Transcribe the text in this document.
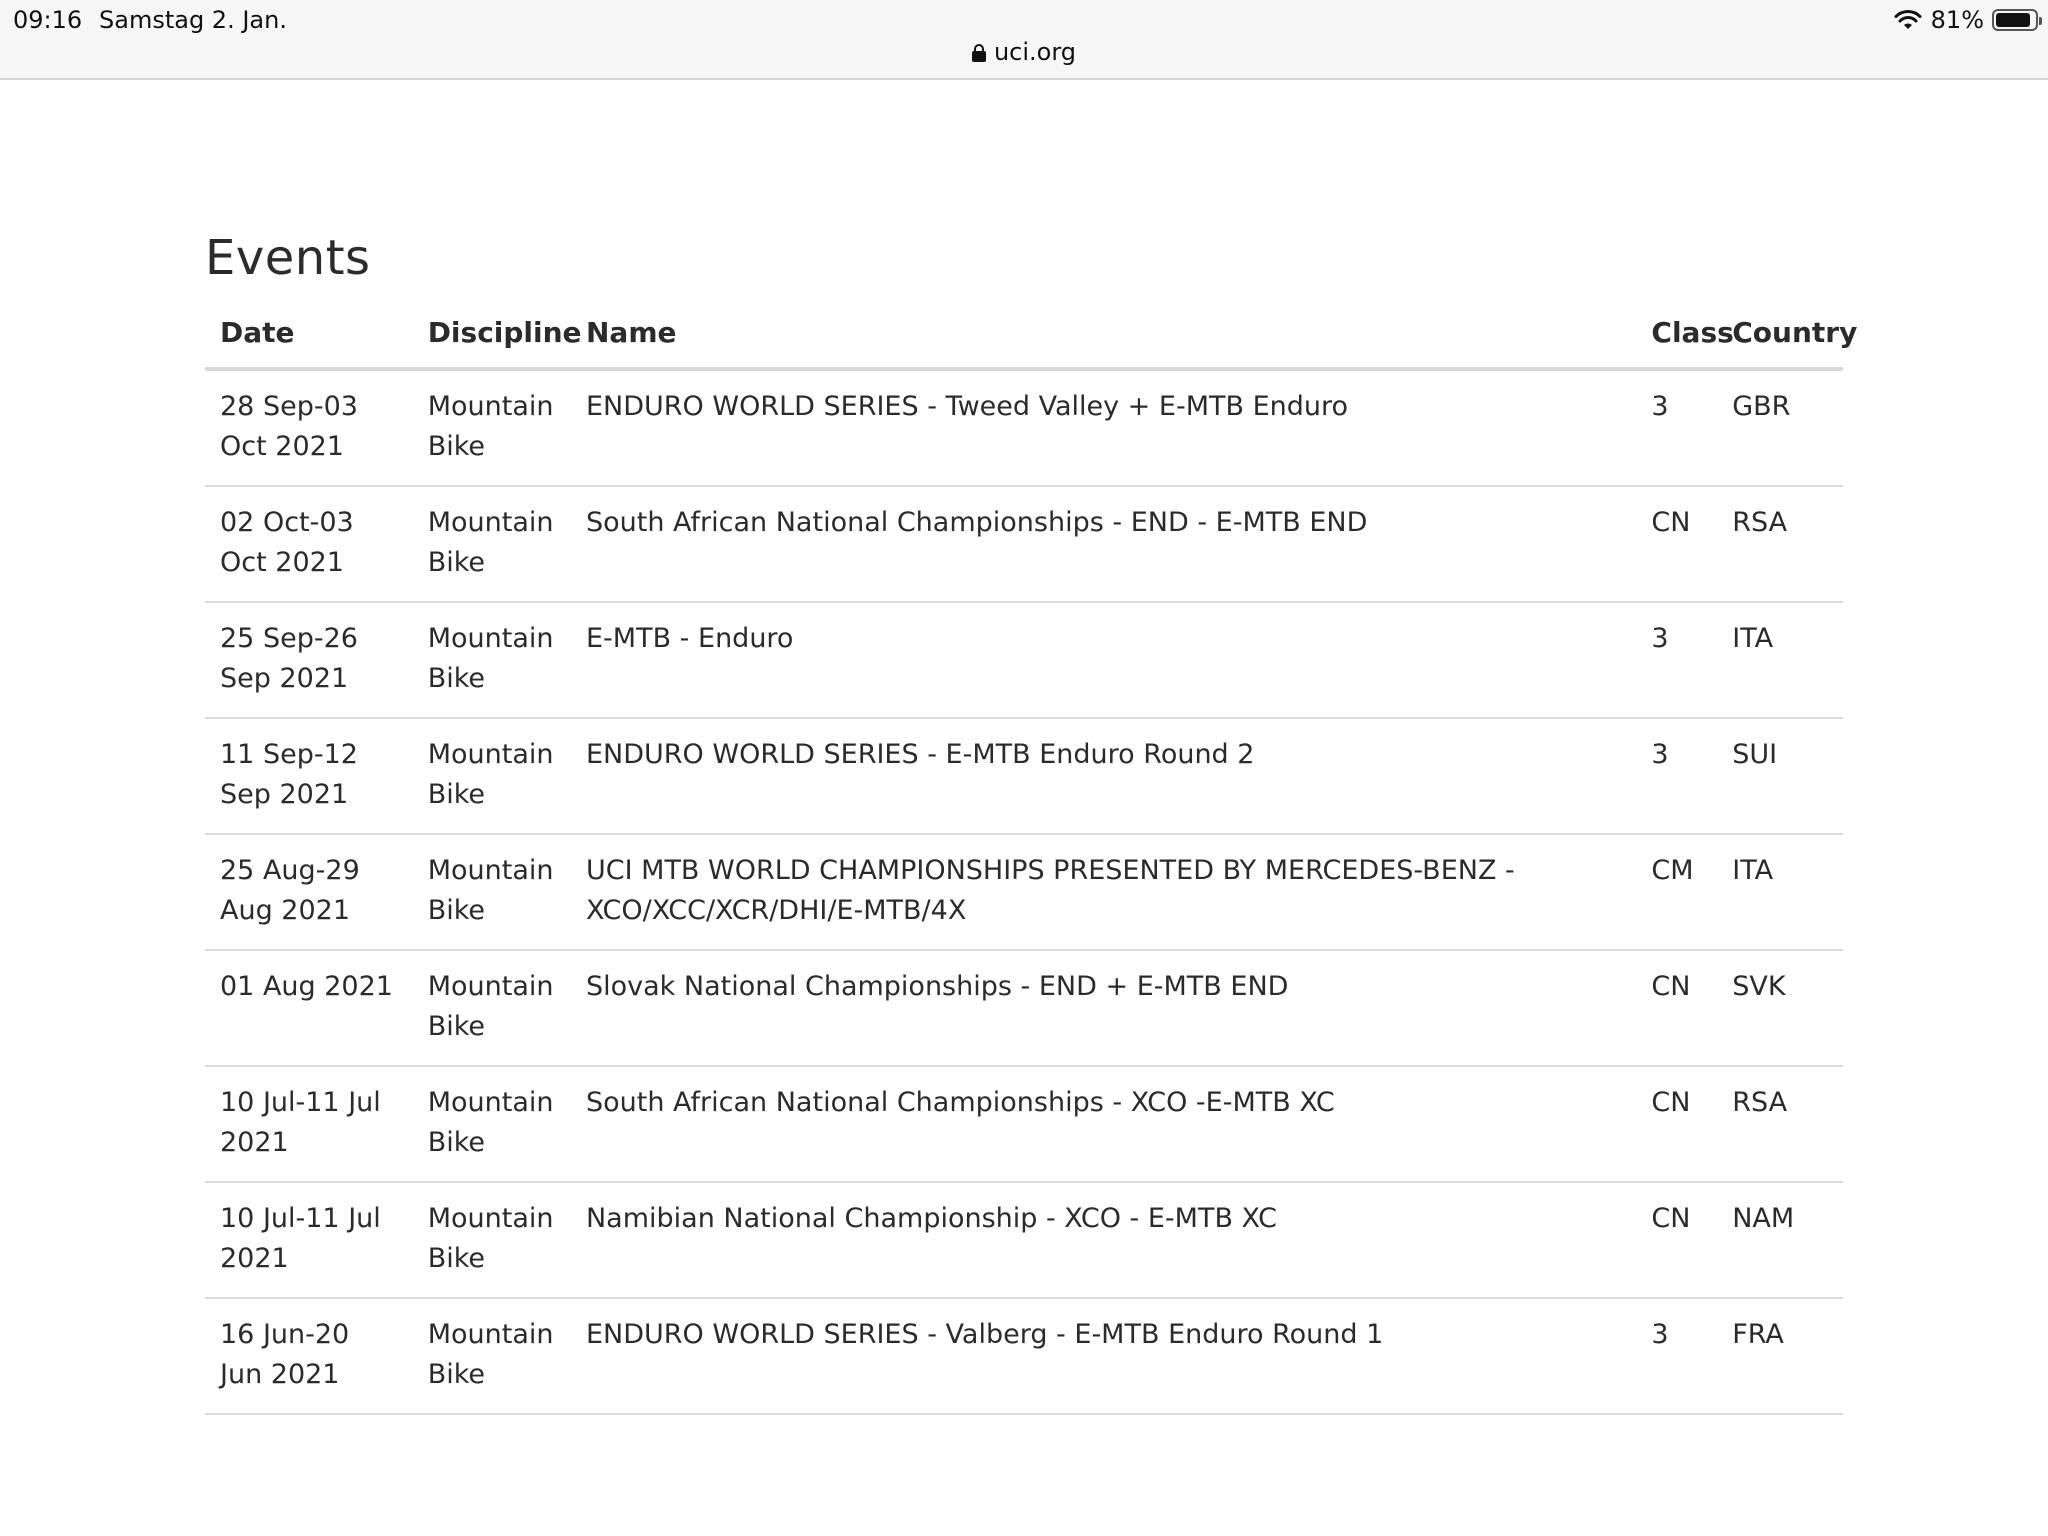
09:16 Samstag 2. Jan.	81%
uci.org
Events
Date	Discipline	Name	Class	Country
28 Sep-03 Oct 2021	Mountain Bike	ENDURO WORLD SERIES - Tweed Valley + E-MTB Enduro	3	GBR
02 Oct-03 Oct 2021	Mountain Bike	South African National Championships - END - E-MTB END	CN	RSA
25 Sep-26 Sep 2021	Mountain Bike	E-MTB - Enduro	3	ITA
11 Sep-12 Sep 2021	Mountain Bike	ENDURO WORLD SERIES - E-MTB Enduro Round 2	3	SUI
25 Aug-29 Aug 2021	Mountain Bike	UCI MTB WORLD CHAMPIONSHIPS PRESENTED BY MERCEDES-BENZ - XCO/XCC/XCR/DHI/E-MTB/4X	CM	ITA
01 Aug 2021	Mountain Bike	Slovak National Championships - END + E-MTB END	CN	SVK
10 Jul-11 Jul 2021	Mountain Bike	South African National Championships - XCO -E-MTB XC	CN	RSA
10 Jul-11 Jul 2021	Mountain Bike	Namibian National Championship - XCO - E-MTB XC	CN	NAM
16 Jun-20 Jun 2021	Mountain Bike	ENDURO WORLD SERIES - Valberg - E-MTB Enduro Round 1	3	FRA
